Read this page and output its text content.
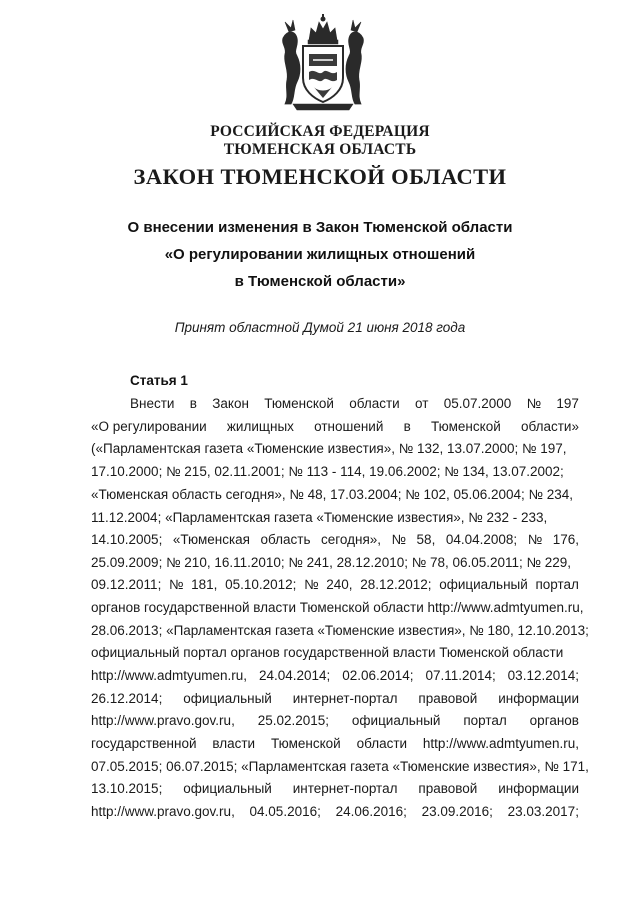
РОССИЙСКАЯ ФЕДЕРАЦИЯ
ТЮМЕНСКАЯ ОБЛАСТЬ
ЗАКОН ТЮМЕНСКОЙ ОБЛАСТИ
О внесении изменения в Закон Тюменской области
«О регулировании жилищных отношений
в Тюменской области»
Принят областной Думой 21 июня 2018 года
Статья 1
Внести в Закон Тюменской области от 05.07.2000 № 197
«О регулировании жилищных отношений в Тюменской области»
(«Парламентская газета «Тюменские известия», № 132, 13.07.2000; № 197,
17.10.2000; № 215, 02.11.2001; № 113 - 114, 19.06.2002; № 134, 13.07.2002;
«Тюменская область сегодня», № 48, 17.03.2004; № 102, 05.06.2004; № 234,
11.12.2004; «Парламентская газета «Тюменские известия», № 232 - 233,
14.10.2005; «Тюменская область сегодня», № 58, 04.04.2008; № 176,
25.09.2009; № 210, 16.11.2010; № 241, 28.12.2010; № 78, 06.05.2011; № 229,
09.12.2011; № 181, 05.10.2012; № 240, 28.12.2012; официальный портал
органов государственной власти Тюменской области http://www.admtyumen.ru,
28.06.2013; «Парламентская газета «Тюменские известия», № 180, 12.10.2013;
официальный портал органов государственной власти Тюменской области
http://www.admtyumen.ru, 24.04.2014; 02.06.2014; 07.11.2014; 03.12.2014;
26.12.2014; официальный интернет-портал правовой информации
http://www.pravo.gov.ru, 25.02.2015; официальный портал органов
государственной власти Тюменской области http://www.admtyumen.ru,
07.05.2015; 06.07.2015; «Парламентская газета «Тюменские известия», № 171,
13.10.2015; официальный интернет-портал правовой информации
http://www.pravo.gov.ru, 04.05.2016; 24.06.2016; 23.09.2016; 23.03.2017;
